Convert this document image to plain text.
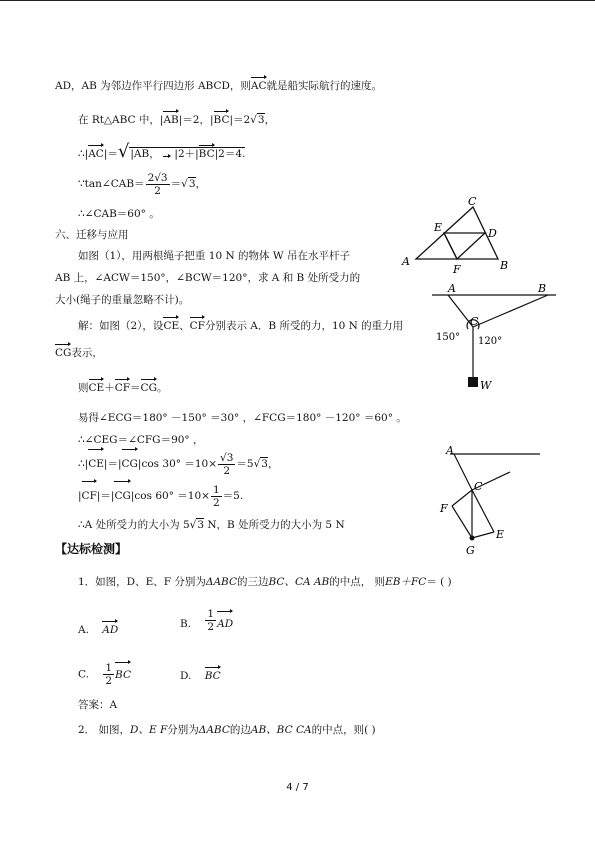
AD，AB 为邻边作平行四边形 ABCD，则AC就是船实际航行的速度。
在 Rt△ABC 中，|AB|＝2，|BC|＝2√3，
∴|AC|＝√|AB，  |2＋|BC|2＝4.
∵tan∠CAB＝ $\frac{2√3}{2} =√3$，
∴∠CAB＝60° 。
六、迁移与应用
如图（1），用两根绳子把重 10 N 的物体 W 吊在水平杆子
AB 上，∠ACW＝150°，∠BCW＝120°，求 A 和 B 处所受力的
大小(绳子的重量忽略不计)。
解：如图（2），设CE、CF分别表示 A．B 所受的力，10 N 的重力用
CG表示，
则CE＋CF＝CG。
易得∠ECG＝180° －150° ＝30° ，∠FCG＝180° －120° ＝60° 。
∴∠CEG＝∠CFG＝90° ，
∴|CE|＝|CG|cos $30^\circ =10\times \frac{√3}{2} =5√3$，
|CF|＝|CG|cos $60^\circ =10\times \frac{1}{2} =5$.
∴A 处所受力的大小为 5√3 N，B 处所受力的大小为 5 N
【达标检测】
1．如图，D、E、F 分别为ΔABC的三边BC、CA AB的中点， 则EB＋FC＝ ( )
A. AD	B. $\frac{1}{2}$ AD
C. $\frac{1}{2}$ BC	D. BC
答案：A
2． 如图，D、E F分别为ΔABC的边AB、BC CA的中点，则( )
4 / 7
A	B
C
D
E
F
A	B
C
150° 120°
W
A
C
F
E
G
